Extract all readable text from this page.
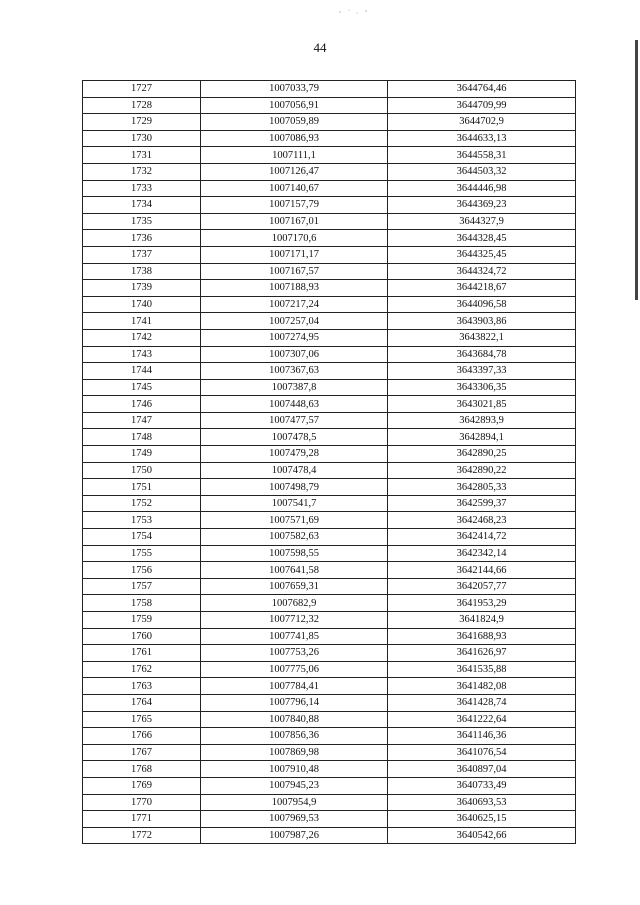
44
1727	1007033,79	3644764,46
1728	1007056,91	3644709,99
1729	1007059,89	3644702,9
1730	1007086,93	3644633,13
1731	1007111,1	3644558,31
1732	1007126,47	3644503,32
1733	1007140,67	3644446,98
1734	1007157,79	3644369,23
1735	1007167,01	3644327,9
1736	1007170,6	3644328,45
1737	1007171,17	3644325,45
1738	1007167,57	3644324,72
1739	1007188,93	3644218,67
1740	1007217,24	3644096,58
1741	1007257,04	3643903,86
1742	1007274,95	3643822,1
1743	1007307,06	3643684,78
1744	1007367,63	3643397,33
1745	1007387,8	3643306,35
1746	1007448,63	3643021,85
1747	1007477,57	3642893,9
1748	1007478,5	3642894,1
1749	1007479,28	3642890,25
1750	1007478,4	3642890,22
1751	1007498,79	3642805,33
1752	1007541,7	3642599,37
1753	1007571,69	3642468,23
1754	1007582,63	3642414,72
1755	1007598,55	3642342,14
1756	1007641,58	3642144,66
1757	1007659,31	3642057,77
1758	1007682,9	3641953,29
1759	1007712,32	3641824,9
1760	1007741,85	3641688,93
1761	1007753,26	3641626,97
1762	1007775,06	3641535,88
1763	1007784,41	3641482,08
1764	1007796,14	3641428,74
1765	1007840,88	3641222,64
1766	1007856,36	3641146,36
1767	1007869,98	3641076,54
1768	1007910,48	3640897,04
1769	1007945,23	3640733,49
1770	1007954,9	3640693,53
1771	1007969,53	3640625,15
1772	1007987,26	3640542,66
